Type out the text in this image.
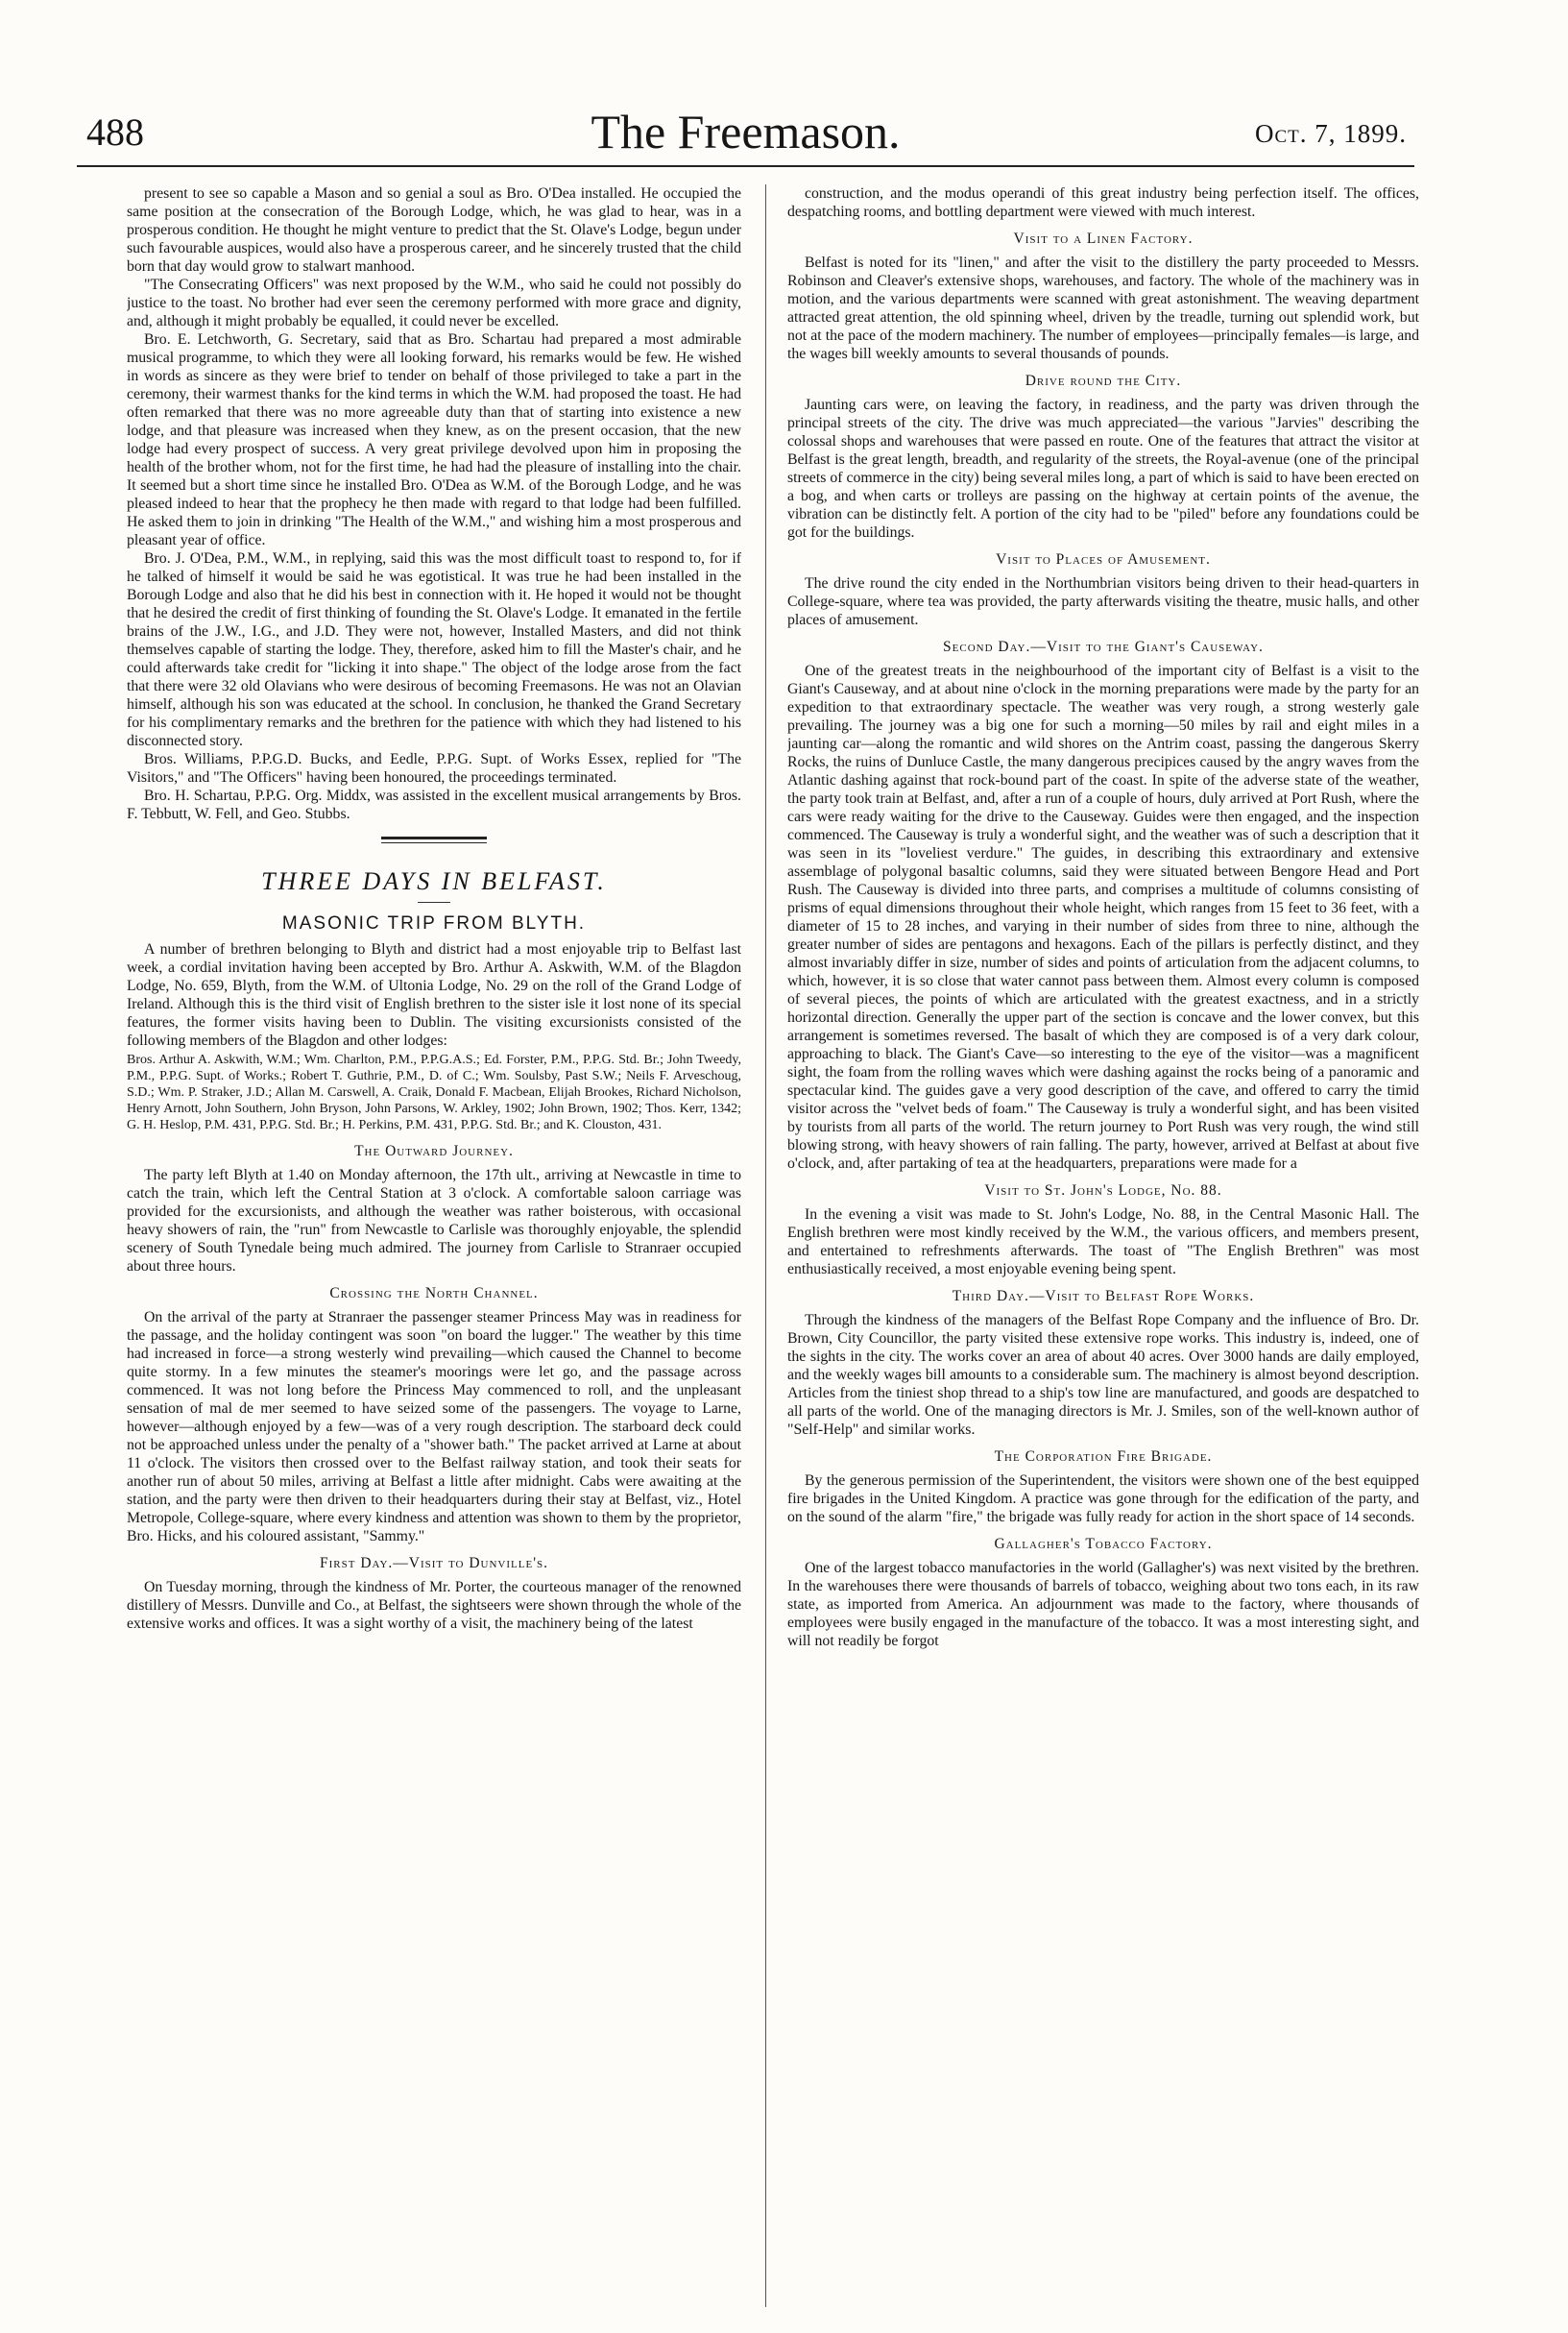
488	The Freemason.	Oct. 7, 1899.

present to see so capable a Mason and so genial a soul as Bro. O'Dea installed. He occupied the same position at the consecration of the Borough Lodge, which, he was glad to hear, was in a prosperous condition. He thought he might venture to predict that the St. Olave's Lodge, begun under such favourable auspices, would also have a prosperous career, and he sincerely trusted that the child born that day would grow to stalwart manhood.

"The Consecrating Officers" was next proposed by the W.M., who said he could not possibly do justice to the toast. No brother had ever seen the ceremony performed with more grace and dignity, and, although it might probably be equalled, it could never be excelled.

Bro. E. Letchworth, G. Secretary, said that as Bro. Schartau had prepared a most admirable musical programme, to which they were all looking forward, his remarks would be few. He wished in words as sincere as they were brief to tender on behalf of those privileged to take a part in the ceremony, their warmest thanks for the kind terms in which the W.M. had proposed the toast. He had often remarked that there was no more agreeable duty than that of starting into existence a new lodge, and that pleasure was increased when they knew, as on the present occasion, that the new lodge had every prospect of success. A very great privilege devolved upon him in proposing the health of the brother whom, not for the first time, he had had the pleasure of installing into the chair. It seemed but a short time since he installed Bro. O'Dea as W.M. of the Borough Lodge, and he was pleased indeed to hear that the prophecy he then made with regard to that lodge had been fulfilled. He asked them to join in drinking "The Health of the W.M.," and wishing him a most prosperous and pleasant year of office.

Bro. J. O'Dea, P.M., W.M., in replying, said this was the most difficult toast to respond to, for if he talked of himself it would be said he was egotistical. It was true he had been installed in the Borough Lodge and also that he did his best in connection with it. He hoped it would not be thought that he desired the credit of first thinking of founding the St. Olave's Lodge. It emanated in the fertile brains of the J.W., I.G., and J.D. They were not, however, Installed Masters, and did not think themselves capable of starting the lodge. They, therefore, asked him to fill the Master's chair, and he could afterwards take credit for "licking it into shape." The object of the lodge arose from the fact that there were 32 old Olavians who were desirous of becoming Freemasons. He was not an Olavian himself, although his son was educated at the school. In conclusion, he thanked the Grand Secretary for his complimentary remarks and the brethren for the patience with which they had listened to his disconnected story.

Bros. Williams, P.P.G.D. Bucks, and Eedle, P.P.G. Supt. of Works Essex, replied for "The Visitors," and "The Officers" having been honoured, the proceedings terminated.

Bro. H. Schartau, P.P.G. Org. Middx, was assisted in the excellent musical arrangements by Bros. F. Tebbutt, W. Fell, and Geo. Stubbs.

THREE DAYS IN BELFAST.
MASONIC TRIP FROM BLYTH.

A number of brethren belonging to Blyth and district had a most enjoyable trip to Belfast last week, a cordial invitation having been accepted by Bro. Arthur A. Askwith, W.M. of the Blagdon Lodge, No. 659, Blyth, from the W.M. of Ultonia Lodge, No. 29 on the roll of the Grand Lodge of Ireland. Although this is the third visit of English brethren to the sister isle it lost none of its special features, the former visits having been to Dublin. The visiting excursionists consisted of the following members of the Blagdon and other lodges:

Bros. Arthur A. Askwith, W.M.; Wm. Charlton, P.M., P.P.G.A.S.; Ed. Forster, P.M., P.P.G. Std. Br.; John Tweedy, P.M., P.P.G. Supt. of Works.; Robert T. Guthrie, P.M., D. of C.; Wm. Soulsby, Past S.W.; Neils F. Arveschoug, S.D.; Wm. P. Straker, J.D.; Allan M. Carswell, A. Craik, Donald F. Macbean, Elijah Brookes, Richard Nicholson, Henry Arnott, John Southern, John Bryson, John Parsons, W. Arkley, 1902; John Brown, 1902; Thos. Kerr, 1342; G. H. Heslop, P.M. 431, P.P.G. Std. Br.; H. Perkins, P.M. 431, P.P.G. Std. Br.; and K. Clouston, 431.

The Outward Journey.

The party left Blyth at 1.40 on Monday afternoon, the 17th ult., arriving at Newcastle in time to catch the train, which left the Central Station at 3 o'clock. A comfortable saloon carriage was provided for the excursionists, and although the weather was rather boisterous, with occasional heavy showers of rain, the "run" from Newcastle to Carlisle was thoroughly enjoyable, the splendid scenery of South Tynedale being much admired. The journey from Carlisle to Stranraer occupied about three hours.

Crossing the North Channel.

On the arrival of the party at Stranraer the passenger steamer Princess May was in readiness for the passage, and the holiday contingent was soon "on board the lugger." The weather by this time had increased in force—a strong westerly wind prevailing—which caused the Channel to become quite stormy. In a few minutes the steamer's moorings were let go, and the passage across commenced. It was not long before the Princess May commenced to roll, and the unpleasant sensation of mal de mer seemed to have seized some of the passengers. The voyage to Larne, however—although enjoyed by a few—was of a very rough description. The starboard deck could not be approached unless under the penalty of a "shower bath." The packet arrived at Larne at about 11 o'clock. The visitors then crossed over to the Belfast railway station, and took their seats for another run of about 50 miles, arriving at Belfast a little after midnight. Cabs were awaiting at the station, and the party were then driven to their headquarters during their stay at Belfast, viz., Hotel Metropole, College-square, where every kindness and attention was shown to them by the proprietor, Bro. Hicks, and his coloured assistant, "Sammy."

First Day.—Visit to Dunville's.

On Tuesday morning, through the kindness of Mr. Porter, the courteous manager of the renowned distillery of Messrs. Dunville and Co., at Belfast, the sightseers were shown through the whole of the extensive works and offices. It was a sight worthy of a visit, the machinery being of the latest

construction, and the modus operandi of this great industry being perfection itself. The offices, despatching rooms, and bottling department were viewed with much interest.

Visit to a Linen Factory.

Belfast is noted for its "linen," and after the visit to the distillery the party proceeded to Messrs. Robinson and Cleaver's extensive shops, warehouses, and factory. The whole of the machinery was in motion, and the various departments were scanned with great astonishment. The weaving department attracted great attention, the old spinning wheel, driven by the treadle, turning out splendid work, but not at the pace of the modern machinery. The number of employees—principally females—is large, and the wages bill weekly amounts to several thousands of pounds.

Drive round the City.

Jaunting cars were, on leaving the factory, in readiness, and the party was driven through the principal streets of the city. The drive was much appreciated—the various "Jarvies" describing the colossal shops and warehouses that were passed en route. One of the features that attract the visitor at Belfast is the great length, breadth, and regularity of the streets, the Royal-avenue (one of the principal streets of commerce in the city) being several miles long, a part of which is said to have been erected on a bog, and when carts or trolleys are passing on the highway at certain points of the avenue, the vibration can be distinctly felt. A portion of the city had to be "piled" before any foundations could be got for the buildings.

Visit to Places of Amusement.

The drive round the city ended in the Northumbrian visitors being driven to their head-quarters in College-square, where tea was provided, the party afterwards visiting the theatre, music halls, and other places of amusement.

Second Day.—Visit to the Giant's Causeway.

One of the greatest treats in the neighbourhood of the important city of Belfast is a visit to the Giant's Causeway, and at about nine o'clock in the morning preparations were made by the party for an expedition to that extraordinary spectacle. The weather was very rough, a strong westerly gale prevailing. The journey was a big one for such a morning—50 miles by rail and eight miles in a jaunting car—along the romantic and wild shores on the Antrim coast, passing the dangerous Skerry Rocks, the ruins of Dunluce Castle, the many dangerous precipices caused by the angry waves from the Atlantic dashing against that rock-bound part of the coast. In spite of the adverse state of the weather, the party took train at Belfast, and, after a run of a couple of hours, duly arrived at Port Rush, where the cars were ready waiting for the drive to the Causeway. Guides were then engaged, and the inspection commenced. The Causeway is truly a wonderful sight, and the weather was of such a description that it was seen in its "loveliest verdure." The guides, in describing this extraordinary and extensive assemblage of polygonal basaltic columns, said they were situated between Bengore Head and Port Rush. The Causeway is divided into three parts, and comprises a multitude of columns consisting of prisms of equal dimensions throughout their whole height, which ranges from 15 feet to 36 feet, with a diameter of 15 to 28 inches, and varying in their number of sides from three to nine, although the greater number of sides are pentagons and hexagons. Each of the pillars is perfectly distinct, and they almost invariably differ in size, number of sides and points of articulation from the adjacent columns, to which, however, it is so close that water cannot pass between them. Almost every column is composed of several pieces, the points of which are articulated with the greatest exactness, and in a strictly horizontal direction. Generally the upper part of the section is concave and the lower convex, but this arrangement is sometimes reversed. The basalt of which they are composed is of a very dark colour, approaching to black. The Giant's Cave—so interesting to the eye of the visitor—was a magnificent sight, the foam from the rolling waves which were dashing against the rocks being of a panoramic and spectacular kind. The guides gave a very good description of the cave, and offered to carry the timid visitor across the "velvet beds of foam." The Causeway is truly a wonderful sight, and has been visited by tourists from all parts of the world. The return journey to Port Rush was very rough, the wind still blowing strong, with heavy showers of rain falling. The party, however, arrived at Belfast at about five o'clock, and, after partaking of tea at the headquarters, preparations were made for a

Visit to St. John's Lodge, No. 88.

In the evening a visit was made to St. John's Lodge, No. 88, in the Central Masonic Hall. The English brethren were most kindly received by the W.M., the various officers, and members present, and entertained to refreshments afterwards. The toast of "The English Brethren" was most enthusiastically received, a most enjoyable evening being spent.

Third Day.—Visit to Belfast Rope Works.

Through the kindness of the managers of the Belfast Rope Company and the influence of Bro. Dr. Brown, City Councillor, the party visited these extensive rope works. This industry is, indeed, one of the sights in the city. The works cover an area of about 40 acres. Over 3000 hands are daily employed, and the weekly wages bill amounts to a considerable sum. The machinery is almost beyond description. Articles from the tiniest shop thread to a ship's tow line are manufactured, and goods are despatched to all parts of the world. One of the managing directors is Mr. J. Smiles, son of the well-known author of "Self-Help" and similar works.

The Corporation Fire Brigade.

By the generous permission of the Superintendent, the visitors were shown one of the best equipped fire brigades in the United Kingdom. A practice was gone through for the edification of the party, and on the sound of the alarm "fire," the brigade was fully ready for action in the short space of 14 seconds.

Gallagher's Tobacco Factory.

One of the largest tobacco manufactories in the world (Gallagher's) was next visited by the brethren. In the warehouses there were thousands of barrels of tobacco, weighing about two tons each, in its raw state, as imported from America. An adjournment was made to the factory, where thousands of employees were busily engaged in the manufacture of the tobacco. It was a most interesting sight, and will not readily be forgot
